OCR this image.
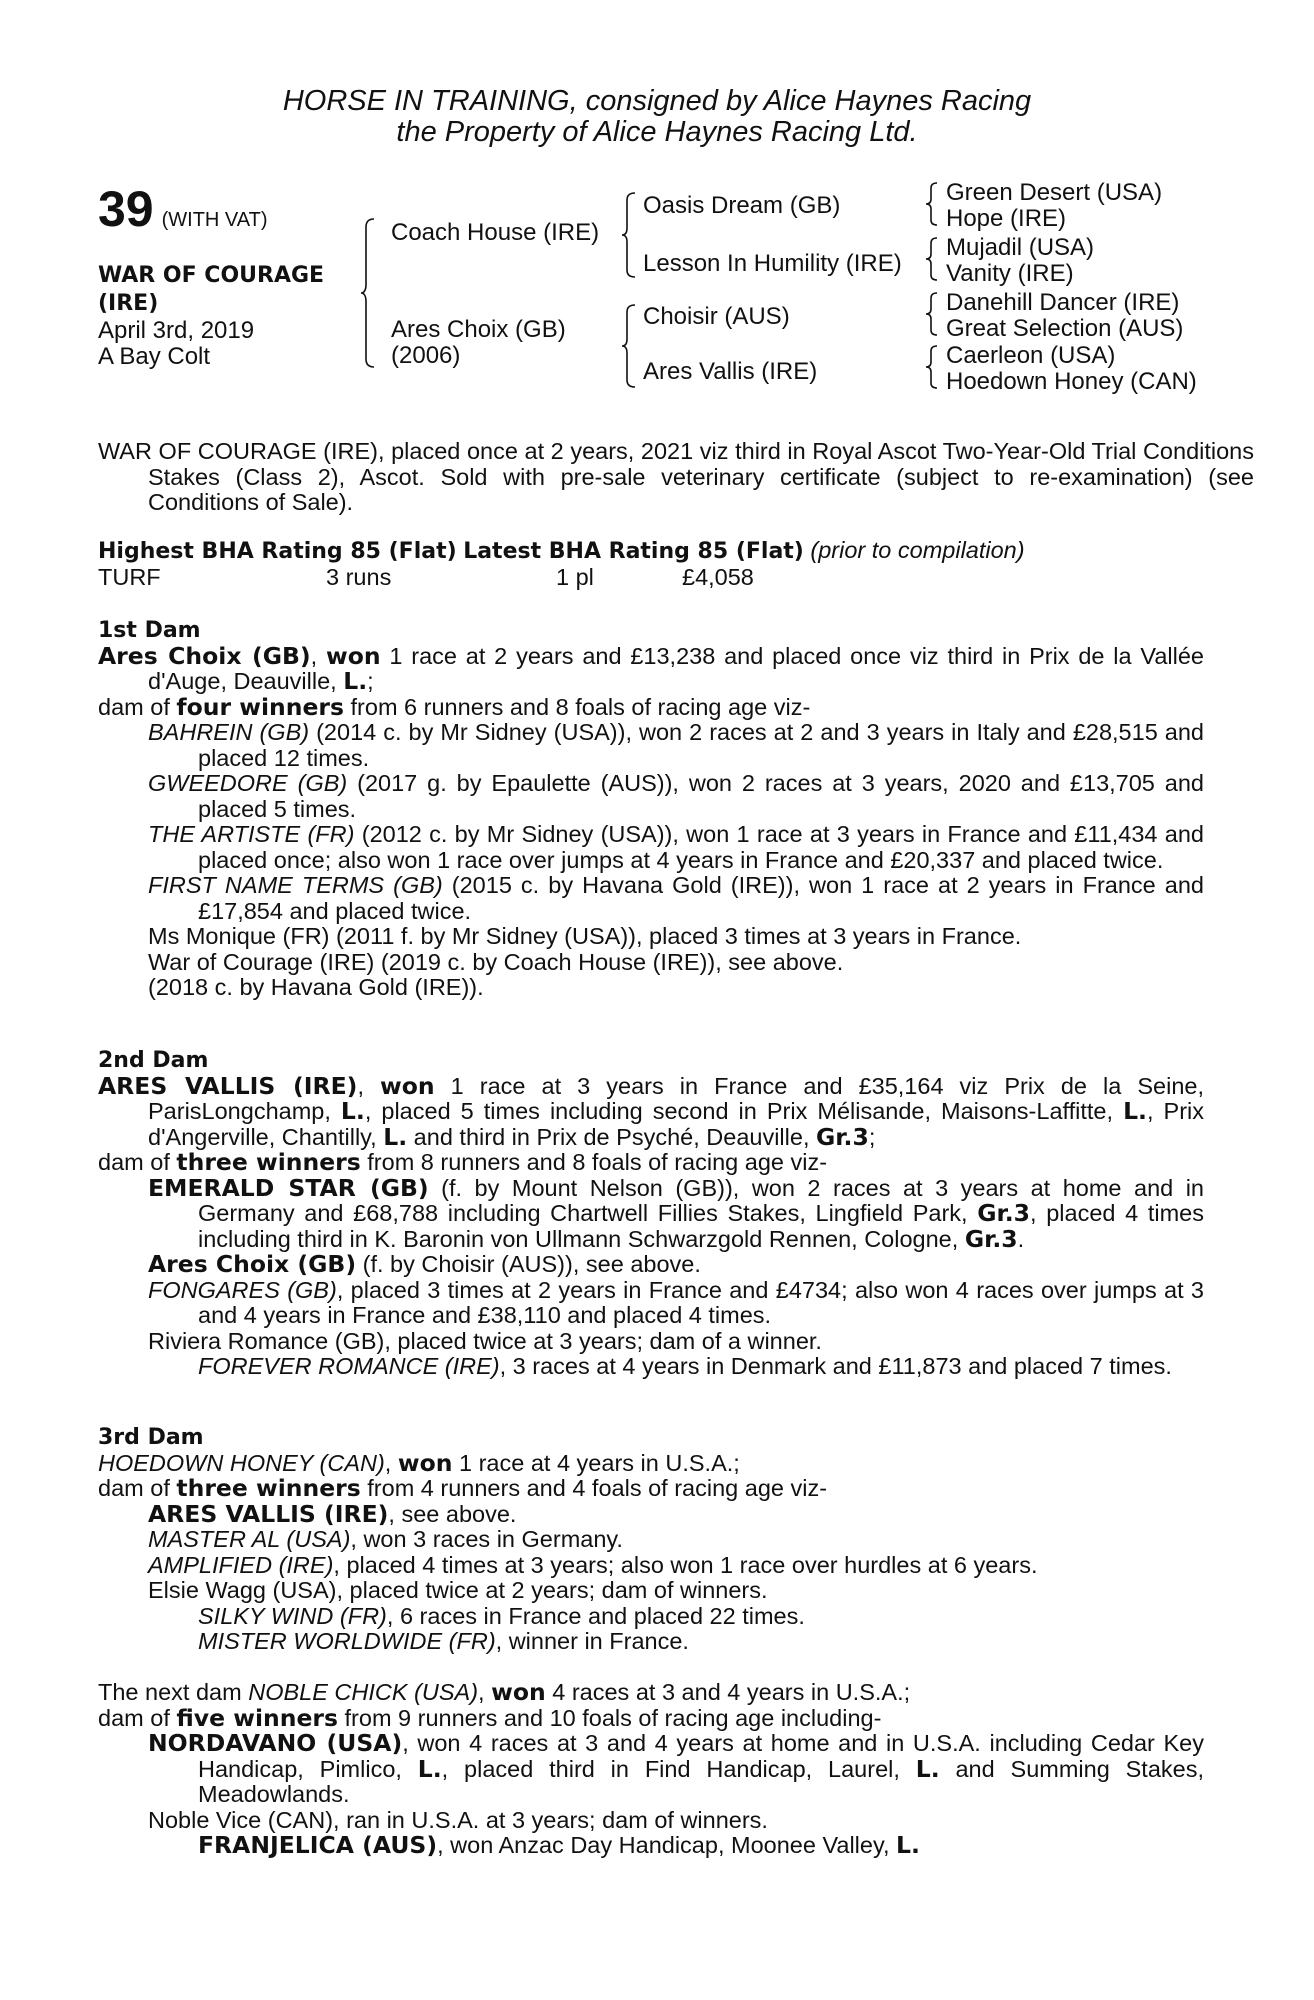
HORSE IN TRAINING, consigned by Alice Haynes Racing
the Property of Alice Haynes Racing Ltd.
39 (WITH VAT)
WAR OF COURAGE
(IRE)
April 3rd, 2019
A Bay Colt
Coach House (IRE)
Ares Choix (GB)
(2006)
Oasis Dream (GB)
Lesson In Humility (IRE)
Choisir (AUS)
Ares Vallis (IRE)
Green Desert (USA)
Hope (IRE)
Mujadil (USA)
Vanity (IRE)
Danehill Dancer (IRE)
Great Selection (AUS)
Caerleon (USA)
Hoedown Honey (CAN)
WAR OF COURAGE (IRE), placed once at 2 years, 2021 viz third in Royal Ascot Two-Year-Old Trial Conditions Stakes (Class 2), Ascot. Sold with pre-sale veterinary certificate (subject to re-examination) (see Conditions of Sale).
Highest BHA Rating 85 (Flat) Latest BHA Rating 85 (Flat) (prior to compilation)
TURF	3 runs	1 pl	£4,058
1st Dam
Ares Choix (GB), won 1 race at 2 years and £13,238 and placed once viz third in Prix de la Vallée d'Auge, Deauville, L.;
dam of four winners from 6 runners and 8 foals of racing age viz-
BAHREIN (GB) (2014 c. by Mr Sidney (USA)), won 2 races at 2 and 3 years in Italy and £28,515 and placed 12 times.
GWEEDORE (GB) (2017 g. by Epaulette (AUS)), won 2 races at 3 years, 2020 and £13,705 and placed 5 times.
THE ARTISTE (FR) (2012 c. by Mr Sidney (USA)), won 1 race at 3 years in France and £11,434 and placed once; also won 1 race over jumps at 4 years in France and £20,337 and placed twice.
FIRST NAME TERMS (GB) (2015 c. by Havana Gold (IRE)), won 1 race at 2 years in France and £17,854 and placed twice.
Ms Monique (FR) (2011 f. by Mr Sidney (USA)), placed 3 times at 3 years in France.
War of Courage (IRE) (2019 c. by Coach House (IRE)), see above.
(2018 c. by Havana Gold (IRE)).
2nd Dam
ARES VALLIS (IRE), won 1 race at 3 years in France and £35,164 viz Prix de la Seine, ParisLongchamp, L., placed 5 times including second in Prix Mélisande, Maisons-Laffitte, L., Prix d'Angerville, Chantilly, L. and third in Prix de Psyché, Deauville, Gr.3;
dam of three winners from 8 runners and 8 foals of racing age viz-
EMERALD STAR (GB) (f. by Mount Nelson (GB)), won 2 races at 3 years at home and in Germany and £68,788 including Chartwell Fillies Stakes, Lingfield Park, Gr.3, placed 4 times including third in K. Baronin von Ullmann Schwarzgold Rennen, Cologne, Gr.3.
Ares Choix (GB) (f. by Choisir (AUS)), see above.
FONGARES (GB), placed 3 times at 2 years in France and £4734; also won 4 races over jumps at 3 and 4 years in France and £38,110 and placed 4 times.
Riviera Romance (GB), placed twice at 3 years; dam of a winner.
FOREVER ROMANCE (IRE), 3 races at 4 years in Denmark and £11,873 and placed 7 times.
3rd Dam
HOEDOWN HONEY (CAN), won 1 race at 4 years in U.S.A.;
dam of three winners from 4 runners and 4 foals of racing age viz-
ARES VALLIS (IRE), see above.
MASTER AL (USA), won 3 races in Germany.
AMPLIFIED (IRE), placed 4 times at 3 years; also won 1 race over hurdles at 6 years.
Elsie Wagg (USA), placed twice at 2 years; dam of winners.
SILKY WIND (FR), 6 races in France and placed 22 times.
MISTER WORLDWIDE (FR), winner in France.
The next dam NOBLE CHICK (USA), won 4 races at 3 and 4 years in U.S.A.;
dam of five winners from 9 runners and 10 foals of racing age including-
NORDAVANO (USA), won 4 races at 3 and 4 years at home and in U.S.A. including Cedar Key Handicap, Pimlico, L., placed third in Find Handicap, Laurel, L. and Summing Stakes, Meadowlands.
Noble Vice (CAN), ran in U.S.A. at 3 years; dam of winners.
FRANJELICA (AUS), won Anzac Day Handicap, Moonee Valley, L.
